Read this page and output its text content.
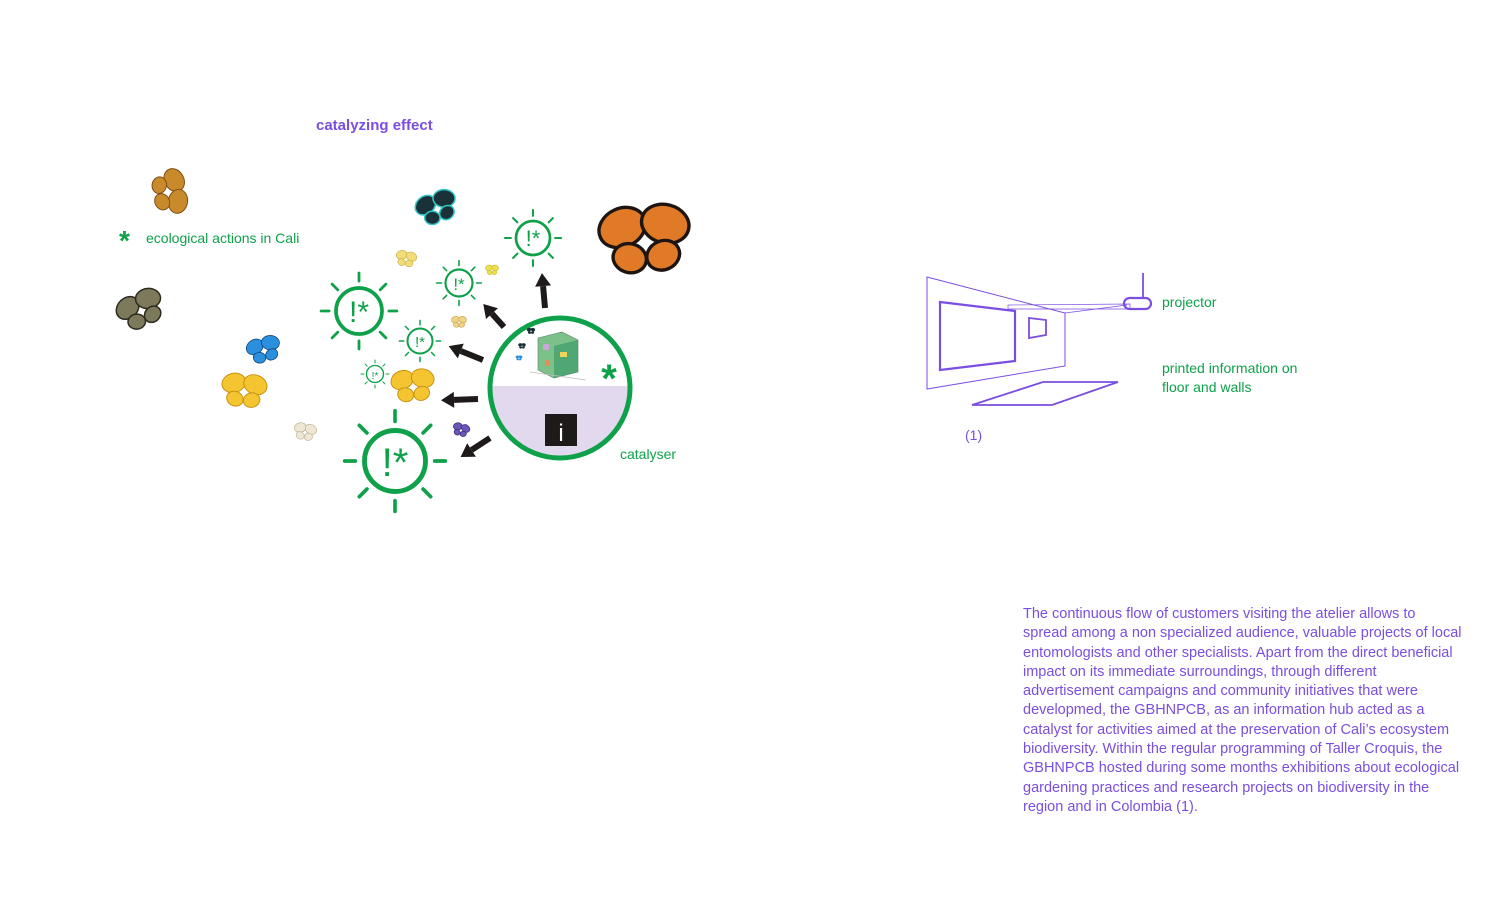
catalyzing effect
* ecological actions in Cali
catalyser
projector
printed information on
floor and walls
(1)
The continuous flow of customers visiting the atelier allows to spread among a non specialized audience, valuable projects of local entomologists and other specialists. Apart from the direct beneficial impact on its immediate surroundings, through different advertisement campaigns and community initiatives that were developmed, the GBHNPCB, as an information hub acted as a catalyst for activities aimed at the preservation of Cali’s ecosystem biodiversity. Within the regular programming of Taller Croquis, the GBHNPCB hosted during some months exhibitions about ecological gardening practices and research projects on biodiversity in the region and in Colombia (1).
!*
!*
!*
!*
!*
!*
i
*
